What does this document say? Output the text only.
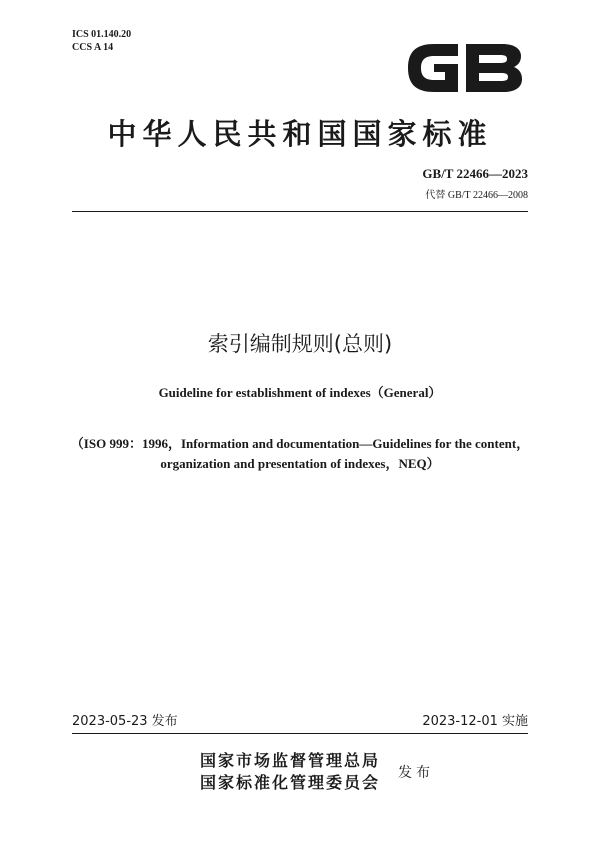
ICS 01.140.20
CCS A 14
中华人民共和国国家标准
GB/T 22466—2023
代替 GB/T 22466—2008
索引编制规则(总则)
Guideline for establishment of indexes（General）
（ISO 999：1996，Information and documentation—Guidelines for the content，
organization and presentation of indexes，NEQ）
2023-05-23 发布	2023-12-01 实施
国家市场监督管理总局
国家标准化管理委员会 发布
